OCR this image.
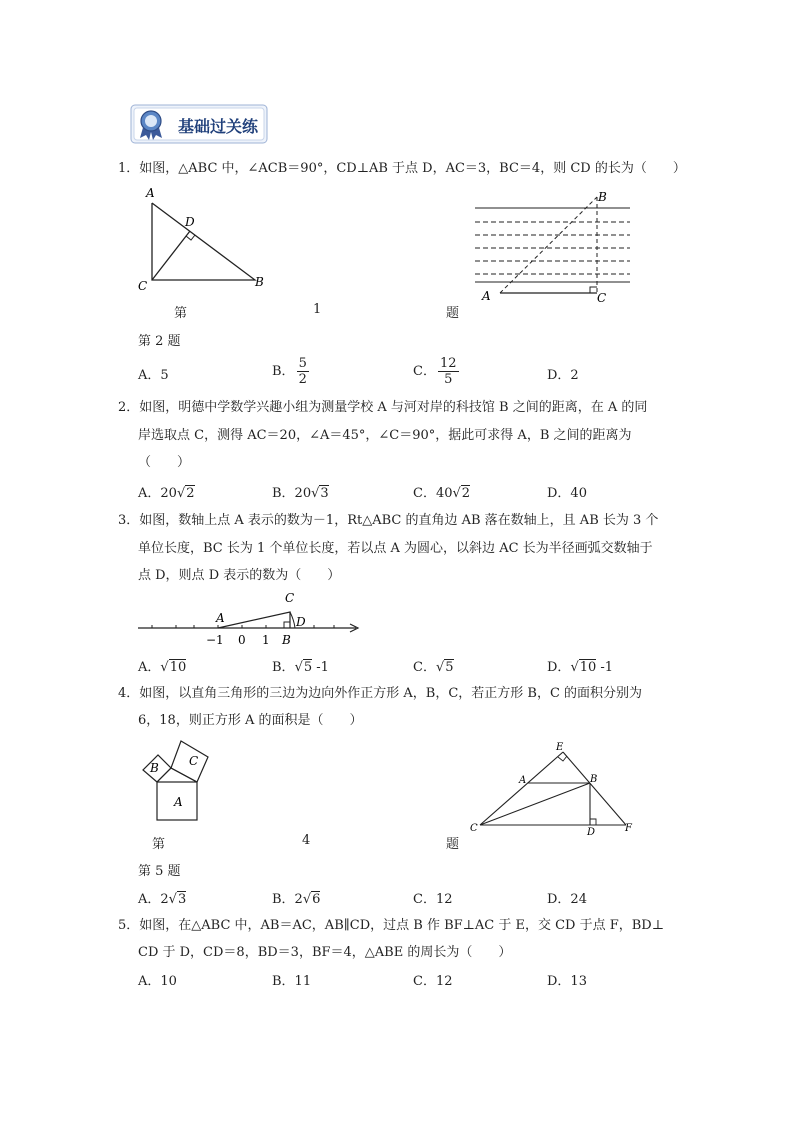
基础过关练
1．如图，△ABC 中，∠ACB＝90°，CD⊥AB 于点 D，AC＝3，BC＝4，则 CD 的长为（　　）
A
D
C	B
B
A	C
第	1	题
第 2 题
A．5	B． $\frac{5}{2}$	C． $\frac{12}{5}$	D．2
2．如图，明德中学数学兴趣小组为测量学校 A 与河对岸的科技馆 B 之间的距离，在 A 的同
岸选取点 C，测得 AC＝20，∠A＝45°，∠C＝90°，据此可求得 A，B 之间的距离为
（　　）
A．20√2	B．20√3	C．40√2	D．40
3．如图，数轴上点 A 表示的数为－1，Rt△ABC 的直角边 AB 落在数轴上，且 AB 长为 3 个
单位长度，BC 长为 1 个单位长度，若以点 A 为圆心，以斜边 AC 长为半径画弧交数轴于
点 D，则点 D 表示的数为（　　）
C
A	D
−1 0 1 B
A．√10	B．√5 -1	C．√5	D．√10 -1
4．如图，以直角三角形的三边为边向外作正方形 A，B，C，若正方形 B，C 的面积分别为
6，18，则正方形 A 的面积是（　　）
B	C
A
E
A	B
C	D	F
第	4	题
第 5 题
A．2√3	B．2√6	C．12	D．24
5．如图，在△ABC 中，AB＝AC，AB∥CD，过点 B 作 BF⊥AC 于 E，交 CD 于点 F，BD⊥
CD 于 D，CD＝8，BD＝3，BF＝4，△ABE 的周长为（　　）
A．10	B．11	C．12	D．13
